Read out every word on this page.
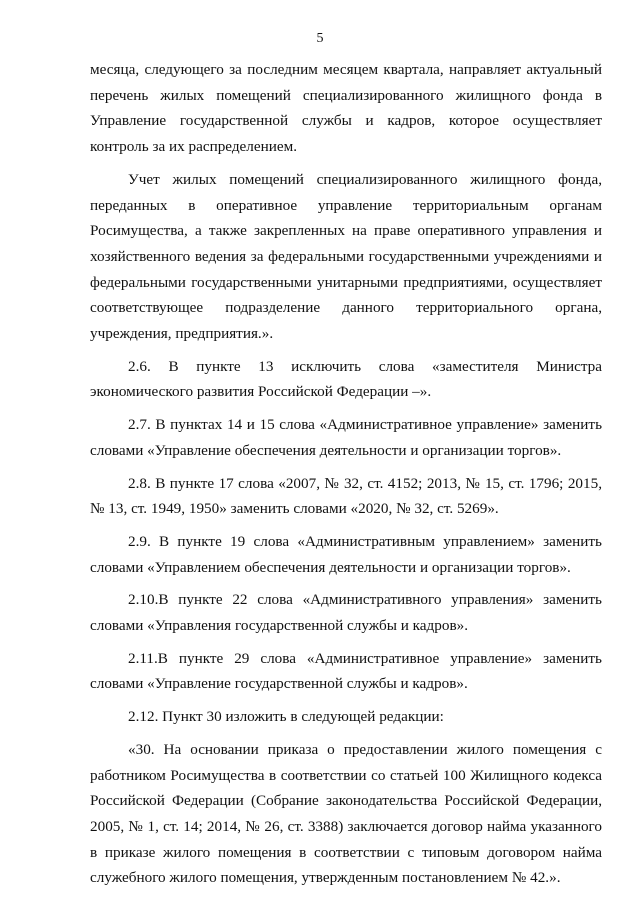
5

месяца, следующего за последним месяцем квартала, направляет актуальный перечень жилых помещений специализированного жилищного фонда в Управление государственной службы и кадров, которое осуществляет контроль за их распределением.

Учет жилых помещений специализированного жилищного фонда, переданных в оперативное управление территориальным органам Росимущества, а также закрепленных на праве оперативного управления и хозяйственного ведения за федеральными государственными учреждениями и федеральными государственными унитарными предприятиями, осуществляет соответствующее подразделение данного территориального органа, учреждения, предприятия.».

2.6. В пункте 13 исключить слова «заместителя Министра экономического развития Российской Федерации –».

2.7. В пунктах 14 и 15 слова «Административное управление» заменить словами «Управление обеспечения деятельности и организации торгов».

2.8. В пункте 17 слова «2007, № 32, ст. 4152; 2013, № 15, ст. 1796; 2015, № 13, ст. 1949, 1950» заменить словами «2020, № 32, ст. 5269».

2.9. В пункте 19 слова «Административным управлением» заменить словами «Управлением обеспечения деятельности и организации торгов».

2.10.В пункте 22 слова «Административного управления» заменить словами «Управления государственной службы и кадров».

2.11.В пункте 29 слова «Административное управление» заменить словами «Управление государственной службы и кадров».

2.12. Пункт 30 изложить в следующей редакции:

«30. На основании приказа о предоставлении жилого помещения с работником Росимущества в соответствии со статьей 100 Жилищного кодекса Российской Федерации (Собрание законодательства Российской Федерации, 2005, № 1, ст. 14; 2014, № 26, ст. 3388) заключается договор найма указанного в приказе жилого помещения в соответствии с типовым договором найма служебного жилого помещения, утвержденным постановлением № 42.».
